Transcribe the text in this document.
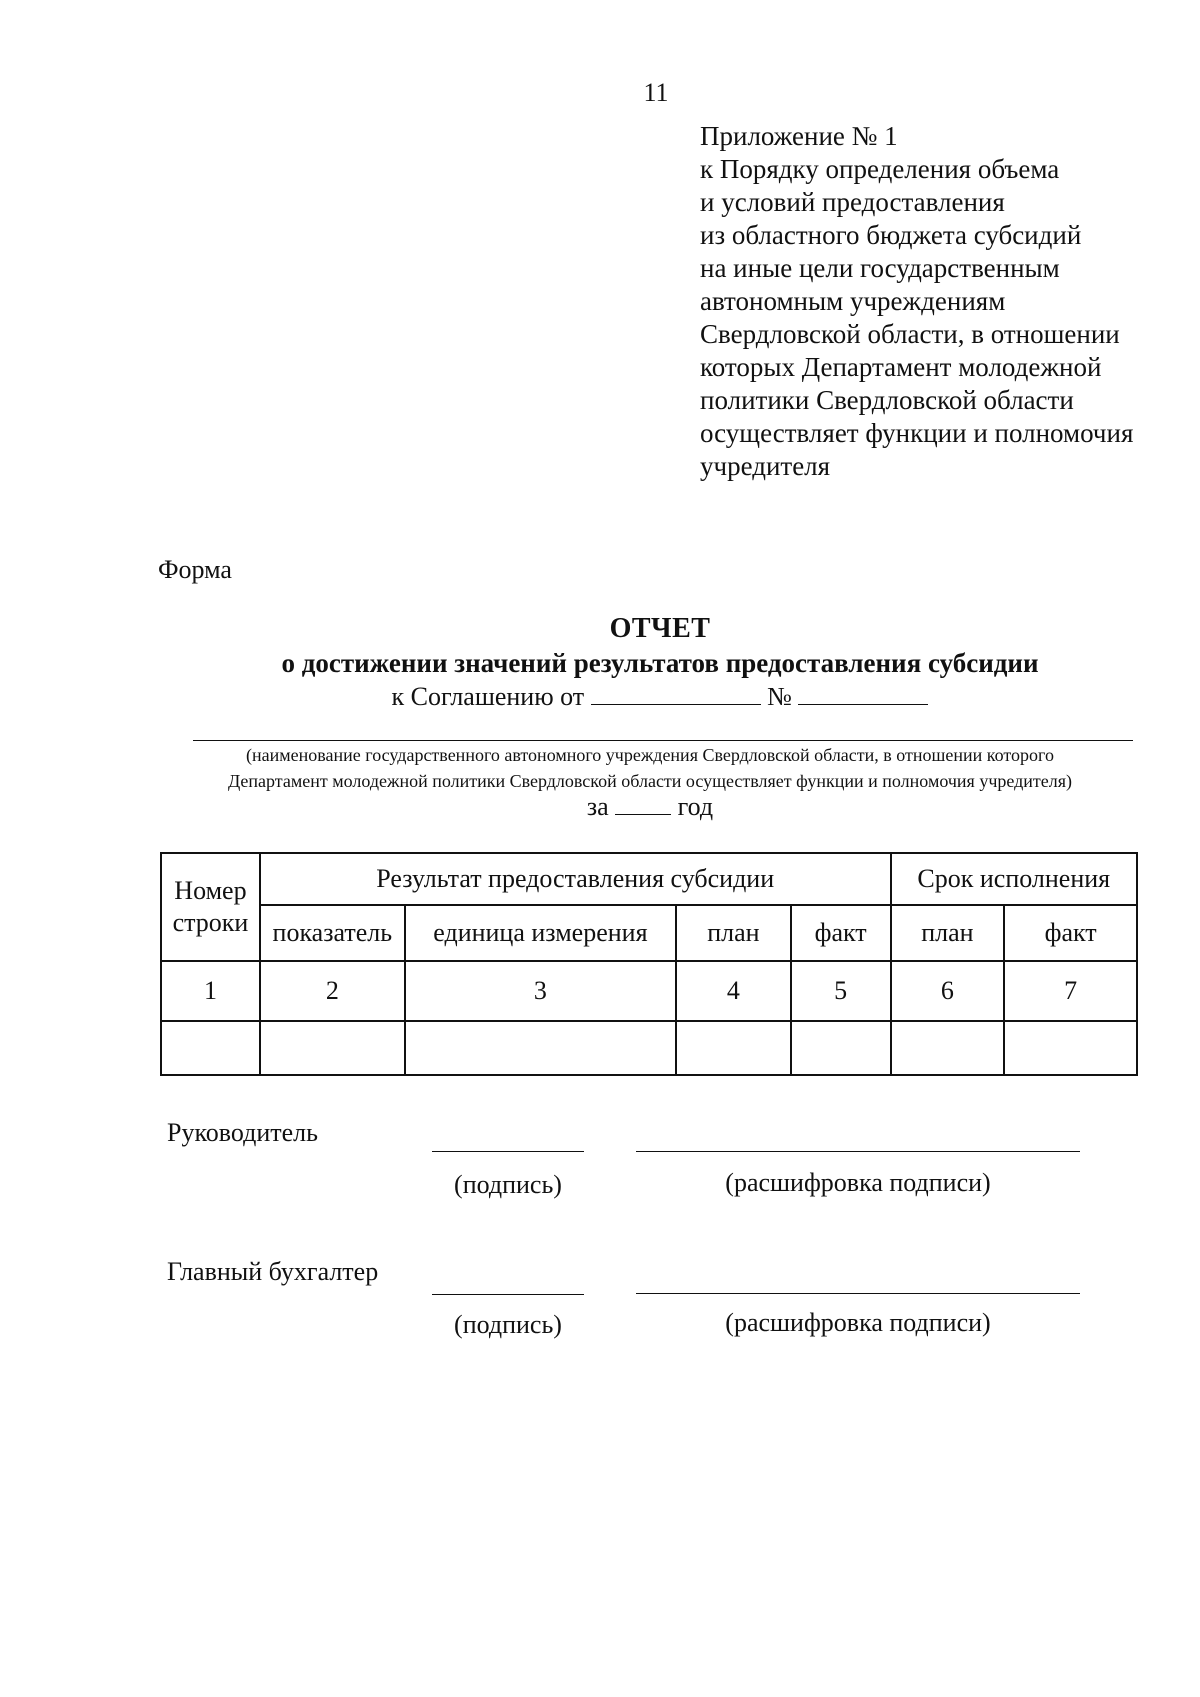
11
Приложение № 1
к Порядку определения объема
и условий предоставления
из областного бюджета субсидий
на иные цели государственным
автономным учреждениям
Свердловской области, в отношении
которых Департамент молодежной
политики Свердловской области
осуществляет функции и полномочия
учредителя
Форма
ОТЧЕТ
о достижении значений результатов предоставления субсидии
к Соглашению от	№
(наименование государственного автономного учреждения Свердловской области, в отношении которого
Департамент молодежной политики Свердловской области осуществляет функции и полномочия учредителя)
за	год
Номер строки	Результат предоставления субсидии				Срок исполнения	
	показатель	единица измерения	план	факт	план	факт
1	2	3	4	5	6	7

Руководитель
(подпись)	(расшифровка подписи)
Главный бухгалтер
(подпись)	(расшифровка подписи)
